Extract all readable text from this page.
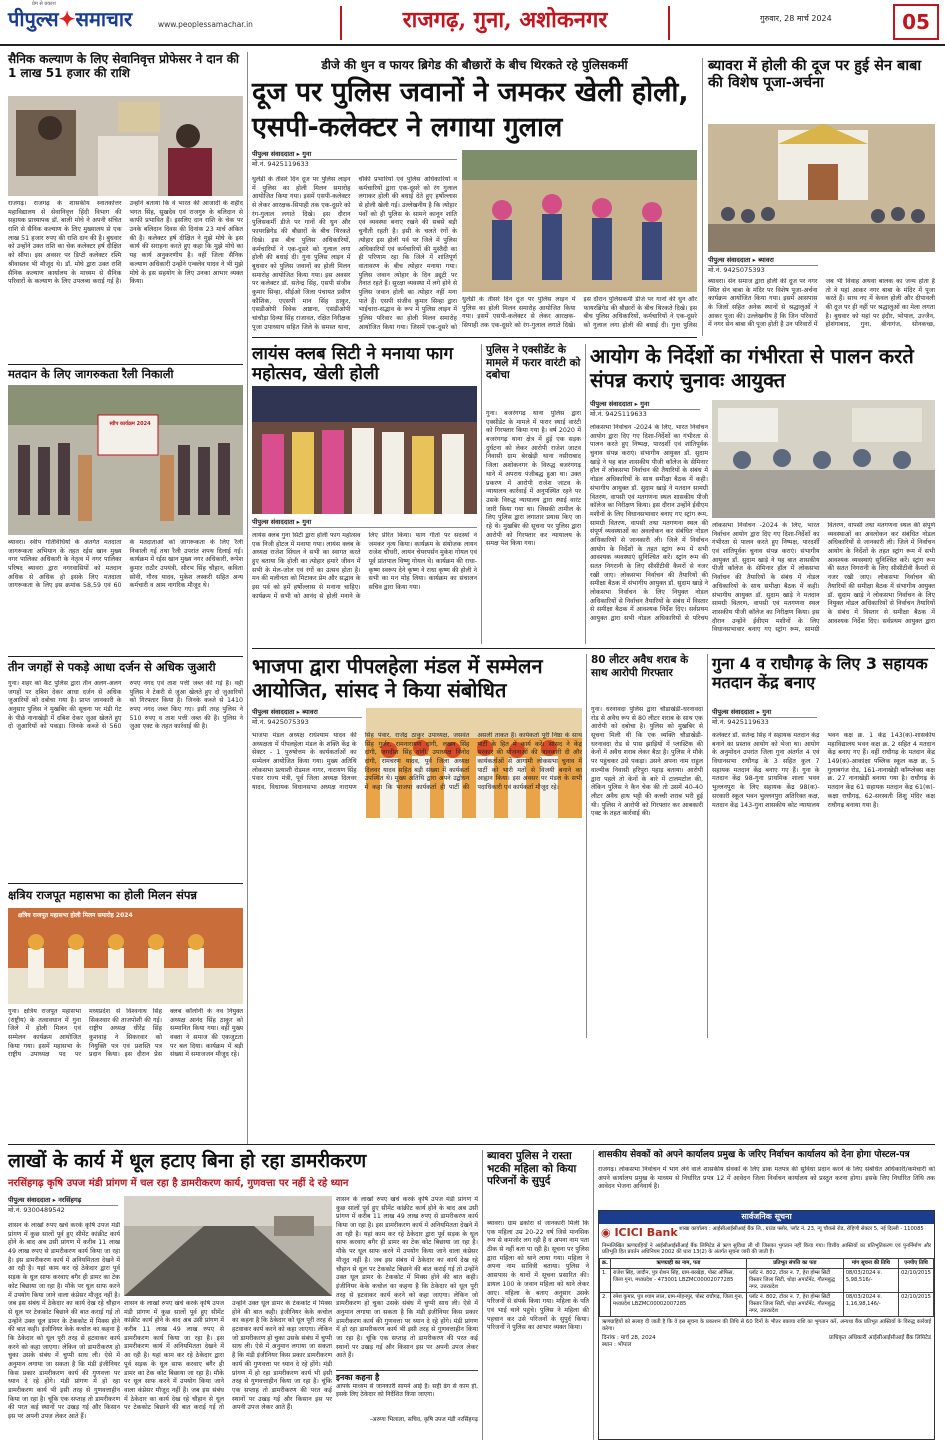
प्रेम से प्रकाश
पीपुल्स✦समाचार	www.peoplessamachar.in	राजगढ़, गुना, अशोकनगर	गुरुवार, 28 मार्च 2024	05
सैनिक कल्याण के लिए सेवानिवृत्त प्रोफेसर ने दान की 1 लाख 51 हजार की राशि
राजगढ़। राजगढ़ के शासकीय स्नातकोत्तर महाविद्यालय से सेवानिवृत्त हिंदी विभाग की सहायक प्राध्यापक डॉ. बाली मोघे ने अपनी संचित राशि से सैनिक कल्याण के लिए मुख्यालय से एक लाख 51 हजार रुपए की राशि दान की है। बुधवार को उन्होंने उक्त राशि का चेक कलेक्टर हर्ष दीक्षित को सौंपा। इस अवसर पर डिप्टी कलेक्टर रश्मि श्रीवास्तव भी मौजूद थे। डॉ. मोघे द्वारा उक्त राशि सैनिक कल्याण कार्यालय के माध्यम से सैनिक परिवारों के कल्याण के लिए उपलब्ध कराई गई है। उन्होंने बताया कि वे भारत की आजादी के शहीद भगत सिंह, सुखदेव एवं राजगुरु के बलिदान से काफी प्रभावित हैं। इसलिए दान राशि के चेक पर उनके बलिदान दिवस की दिनांक 23 मार्च अंकित की है। कलेक्टर हर्ष दीक्षित ने मुझे मोघे के इस कार्य की सराहना करते हुए कहा कि मुझे मोघे का यह कार्य अनुकरणीय है। वहीं जिला सैनिक कल्याण अधिकारी उन्होंने एन्क्लेव यादव ने भी मुझे मोघे के इस सहयोग के लिए उनका आभार व्यक्त किया।
मतदान के लिए जागरुकता रैली निकाली
स्वीप कार्यक्रम 2024
ब्यावरा। स्वीप गतिविधियों के अंतर्गत मतदाता जागरूकता अभियान के तहत रईस खान मुख्य नगर पालिका अधिकारी के नेतृत्व में नगर पालिका परिषद ब्यावरा द्वारा नगरवासियों को मतदान अधिक से अधिक हो इसके लिए मतदाता जागरूकता के लिए इस क्रमांक 58,59 एवं 60 के मतदाताओं को जागरूकता के लिए रैली निकाली गई तथा रैली उपरांत शपथ दिलाई गई। कार्यक्रम में रईस खान मुख्य नगर अधिकारी, रूपेश कुमार राठौर उपयंत्री, सौरभ सिंह चौहान, कविता सोनी, गौरव यादव, मुकेश लस्करी सहित अन्य कर्मचारी व आम नागरिक मौजूद थे।
तीन जगहों से पकड़े आधा दर्जन से अधिक जुआरी
गुना। शहर को कैंट पुलिस द्वारा तीन अलग-अलग जगहों पर दबिश देकर आधा दर्जन से अधिक जुआरियों को दबोचा गया है। प्राप्त जानकारी के अनुसार पुलिस ने मुखबिर की सूचना पर मंडी गेट के पीछे नानाखेड़ी में दबिश देकर जुआ खेलते हुए दो जुआरियों को पकड़ा। जिनके कब्जे से 560 रुपए नगद एवं ताश पत्ती जब्त की गई है। वहीं पुलिस ने टेकरी से जुआ खेलते हुए दो जुआरियों को गिरफ्तार किया है। जिनके कब्जे से 1410 रुपए नगद जब्त किए गए। इसी तरह पुलिस ने 510 रुपए व ताश पत्ती जब्त की है। पुलिस ने जुआ एक्ट के तहत कार्रवाई की है।
क्षत्रिय राजपूत महासभा का होली मिलन संपन्न
क्षत्रिय राजपूत महासभा होली मिलन समारोह 2024
गुना। क्षत्रिय राजपूत महासभा (राष्ट्रीय) के तत्वावधान में गुना जिले में होली मिलन एवं सम्मेलन कार्यक्रम आयोजित किया गया। इसमें महासभा के राष्ट्रीय उपाध्यक्ष पद पर मध्यप्रदेश से विश्वनाथ सिंह सिकरवार की ताजपोशी की गई। राष्ट्रीय अध्यक्ष धीरेंद्र सिंह कुशवाह ने सिकरवार को नियुक्ति पत्र एवं प्रशस्ति पत्र प्रदान किया। इस दौरान प्रेस क्लब कॉलोनी के नव नियुक्त अध्यक्ष आनंद सिंह ठाकुर को सम्मानित किया गया। वहीं मुख्य वक्ता ने समाज की एकजुटता पर बल दिया। कार्यक्रम में बड़ी संख्या में समाजजन मौजूद रहे।
डीजे की धुन व फायर ब्रिगेड की बौछारों के बीच थिरकते रहे पुलिसकर्मी
दूज पर पुलिस जवानों ने जमकर खेली होली, एसपी-कलेक्टर ने लगाया गुलाल
पीपुल्स संवाददाता ▸ गुना
मो.नं. 9425119633
धुलेंडी के तीसरे दिन दूज पर पुलिस लाइन में पुलिस का होली मिलन समारोह आयोजित किया गया। इसमें एसपी-कलेक्टर से लेकर आरक्षक-सिपाही तक एक-दूसरे को रंग-गुलाल लगाते दिखे। इस दौरान पुलिसकर्मी डीजे पर गानों की धुन और फायरब्रिगेड की बौछारों के बीच थिरकते दिखे। इस बीच पुलिस अधिकारियों, कर्मचारियों ने एक-दूसरे को गुलाल लगा होली की बधाई दी। गुना पुलिस लाइन में बुधवार को पुलिस जवानों का होली मिलन समारोह आयोजित किया गया। इस अवसर पर कलेक्टर डॉ. सतेन्द्र सिंह, एसपी संजीव कुमार सिन्हा, सीईओ जिला पंचायत प्रवीण कौशिक, एएसपी मान सिंह ठाकुर, एसडीओपी विवेक अष्ठाना, एसडीओपी चांचौड़ा दिव्या सिंह राजावत, रक्षित निरीक्षक पूजा उपाध्याय सहित जिले के समस्त थाना, चौकी प्रभारियों एवं पुलिस अधिकारियों व कर्मचारियों द्वारा एक-दूसरे को रंग गुलाल लगाकर होली की बधाई देते हुए हर्षोल्लास से होली खेली गई। उल्लेखनीय है कि त्योहार पर्वों को ही पुलिस के सामने कानून शांति एवं व्यवस्था बनाए रखने की सबसे बड़ी चुनौती रहती है। इसी के चलते रंगों के त्योहार इस होली पर्व पर जिले में पुलिस अधिकारियों एवं कर्मचारियों की मुस्तैदी का ही परिणाम रहा कि जिले में शांतिपूर्ण वातावरण के बीच त्योहार मनाया गया। पुलिस जवान त्योहार के दिन ड्यूटी पर तैनात रहते हैं। सुरक्षा व्यवस्था में लगे होने से पुलिस जवान होली का त्योहार नहीं मना पाते हैं। एसपी संजीव कुमार सिन्हा द्वारा भाईचारा-सद्भाव के रूप में पुलिस लाइन में पुलिस परिवार का होली मिलन समारोह आयोजित किया गया। जिसमें एक-दूसरे को
धुलेंडी के तीसरे दिन दूज पर पुलिस लाइन में पुलिस का होली मिलन समारोह आयोजित किया गया। इसमें एसपी-कलेक्टर से लेकर आरक्षक-सिपाही तक एक-दूसरे को रंग-गुलाल लगाते दिखे। इस दौरान पुलिसकर्मी डीजे पर गानों की धुन और फायरब्रिगेड की बौछारों के बीच थिरकते दिखे। इस बीच पुलिस अधिकारियों, कर्मचारियों ने एक-दूसरे को गुलाल लगा होली की बधाई दी। गुना पुलिस
लायंस क्लब सिटी ने मनाया फाग महोत्सव, खेली होली
पीपुल्स संवाददाता ▸ गुना
लायंस क्लब गुना सिटी द्वारा होली फाग महोत्सव एक निजी होटल में मनाया गया। लायंस क्लब के अध्यक्ष राजेश सिंघल ने सभी का स्वागत करते हुए बताया कि होली का त्योहार हमारे जीवन में सभी के मेल-जोल एवं रंगों का उत्सव होता है। मन की मलीनता को मिटाकर प्रेम और सद्भाव के इस पर्व को हमें हर्षोल्लास से मनाना चाहिए। कार्यक्रम में सभी को आनंद से होली मनाने के लिए प्रेरित किया। फाग गीतों पर सदस्यों ने जमकर नृत्य किया। कार्यक्रम के संयोजक लायन राजेश चौधरी, लायन चेयरपर्सन मुकेश गोयल एवं पूर्व प्रांतपाल विष्णु गोयल थे। कार्यक्रम की राधा-कृष्ण स्वरूप देने कृष्ण ने राधा कृष्ण की होली ने सभी का मन मोह लिया। कार्यक्रम का संचालन सचिव द्वारा किया गया।
पुलिस ने एक्सीडेंट के मामले में फरार वारंटी को दबोचा
गुना। बजरंगगढ़ थाना पुलिस द्वारा एक्सीडेंट के मामले में फरार स्थाई वारंटी को गिरफ्तार किया गया है। वर्ष 2020 में बजरंगगढ़ थाना क्षेत्र में हुई एक सड़क दुर्घटना को लेकर आरोपी राजेश जाटव निवासी ग्राम बेरखेड़ी थाना नसीराबाद जिला अशोकनगर के विरुद्ध बजरंगगढ़ थाने में अपराध पंजीबद्ध हुआ था। उक्त प्रकरण में आरोपी राजेश जाटव के न्यायालय कार्रवाई में अनुपस्थित रहने पर उसके विरुद्ध न्यायालय द्वारा स्थाई वारंट जारी किया गया था। जिसकी तामील के लिए पुलिस द्वारा लगातार प्रयास किए जा रहे थे। मुखबिर की सूचना पर पुलिस द्वारा आरोपी को गिरफ्तार कर न्यायालय के समक्ष पेश किया गया।
आयोग के निर्देशों का गंभीरता से पालन करते संपन्न कराएं चुनावः आयुक्त
पीपुल्स संवाददाता ▸ गुना
मो.नं. 9425119633
लोकसभा निर्वाचन -2024 के लिए, भारत निर्वाचन आयोग द्वारा दिए गए दिशा-निर्देशों का गंभीरता से पालन करते हुए निष्पक्ष, पारदर्शी एवं शांतिपूर्वक चुनाव संपन्न कराएं। संभागीय आयुक्त डॉ. सुदाम खाड़े ने यह बात शासकीय पीजी कॉलेज के सेमिनार हॉल में लोकसभा निर्वाचन की तैयारियों के संबंध में नोडल अधिकारियों के साथ समीक्षा बैठक में कही। संभागीय आयुक्त डॉ. सुदाम खाड़े ने मतदान सामग्री वितरण, वापसी एवं मतगणना स्थल शासकीय पीजी कॉलेज का निरीक्षण किया। इस दौरान उन्होंने ईवीएम मशीनों के लिए विधानसभावार बनाए गए स्ट्रांग रूम, सामग्री वितरण, वापसी तथा मतगणना स्थल की संपूर्ण व्यवस्थाओं का अवलोकन कर संबंधित नोडल अधिकारियों से जानकारी ली। जिले में निर्वाचन आयोग के निर्देशों के तहत स्ट्रांग रूम में सभी आवश्यक व्यवस्थाएं सुनिश्चित करें। स्ट्रांग रूम की सतत निगरानी के लिए सीसीटीवी कैमरों से नजर रखी जाए। लोकसभा निर्वाचन की तैयारियों की समीक्षा बैठक में संभागीय आयुक्त डॉ. सुदाम खाड़े ने लोकसभा निर्वाचन के लिए नियुक्त नोडल अधिकारियों से निर्वाचन तैयारियों के संबंध में विस्तार से समीक्षा बैठक में आवश्यक निर्देश दिए। सर्वप्रथम आयुक्त द्वारा सभी नोडल अधिकारियों से परिचय
लोकसभा निर्वाचन -2024 के लिए, भारत निर्वाचन आयोग द्वारा दिए गए दिशा-निर्देशों का गंभीरता से पालन करते हुए निष्पक्ष, पारदर्शी एवं शांतिपूर्वक चुनाव संपन्न कराएं। संभागीय आयुक्त डॉ. सुदाम खाड़े ने यह बात शासकीय पीजी कॉलेज के सेमिनार हॉल में लोकसभा निर्वाचन की तैयारियों के संबंध में नोडल अधिकारियों के साथ समीक्षा बैठक में कही। संभागीय आयुक्त डॉ. सुदाम खाड़े ने मतदान सामग्री वितरण, वापसी एवं मतगणना स्थल शासकीय पीजी कॉलेज का निरीक्षण किया। इस दौरान उन्होंने ईवीएम मशीनों के लिए विधानसभावार बनाए गए स्ट्रांग रूम, सामग्री वितरण, वापसी तथा मतगणना स्थल की संपूर्ण व्यवस्थाओं का अवलोकन कर संबंधित नोडल अधिकारियों से जानकारी ली। जिले में निर्वाचन आयोग के निर्देशों के तहत स्ट्रांग रूम में सभी आवश्यक व्यवस्थाएं सुनिश्चित करें। स्ट्रांग रूम की सतत निगरानी के लिए सीसीटीवी कैमरों से नजर रखी जाए। लोकसभा निर्वाचन की तैयारियों की समीक्षा बैठक में संभागीय आयुक्त डॉ. सुदाम खाड़े ने लोकसभा निर्वाचन के लिए नियुक्त नोडल अधिकारियों से निर्वाचन तैयारियों के संबंध में विस्तार से समीक्षा बैठक में आवश्यक निर्देश दिए। सर्वप्रथम आयुक्त द्वारा
भाजपा द्वारा पीपलहेला मंडल में सम्मेलन आयोजित, सांसद ने किया संबोधित
पीपुल्स संवाददाता ▸ ब्यावरा
मो.नं. 9425075393
भाजपा मंडल अध्यक्ष राधेश्याम यादव की अध्यक्षता में पीपलहेला मंडल के शक्ति केंद्र के सेक्टर - 1 पुरुषोत्तम के कार्यकर्ताओं का सम्मेलन आयोजित किया गया। मुख्य अतिथि लोकसभा प्रत्याशी रोडमल नागर, नारायण सिंह पंवार राज्य मंत्री, पूर्व जिला अध्यक्ष दिलवर यादव, विधायक विधानसभा अध्यक्ष नारायण सिंह पंवार, राजेंद्र ठाकुर उपाध्यक्ष, जसवंत सिंह गुर्जर, रामनारायण दांगी, लखन सिंह दांगी, जगदीश सिंह दांगी, उपाध्यक्ष विनोद दांगी, रामचरण यादव, पूर्व जिला अध्यक्ष दिलवर यादव सहित बड़ी संख्या में कार्यकर्ता उपस्थित थे। मुख्य अतिथि द्वारा अपने उद्बोधन में कहा कि भाजपा कार्यकर्ता ही पार्टी की असली ताकत हैं। कार्यकर्ता पूरी निष्ठा के साथ पार्टी के हित में कार्य करें। सांसद ने केंद्र सरकार की योजनाओं की जानकारी दी और कार्यकर्ताओं से आगामी लोकसभा चुनाव में पार्टी को भारी मतों से विजयी बनाने का आह्वान किया। इस अवसर पर मंडल के सभी पदाधिकारी एवं कार्यकर्ता मौजूद रहे।
80 लीटर अवैध शराब के साथ आरोपी गिरफ्तार
गुना। धरनावदा पुलिस द्वारा चौडाखेडी-धरनावदा रोड से अवैध रूप से 80 लीटर शराब के साथ एक आरोपी को दबोचा है। पुलिस को मुखबिर से सूचना मिली थी कि एक व्यक्ति चौडाखेडी-धरनावदा रोड से पास झाड़ियों में प्लास्टिक की केनों में अवैध शराब लेकर बैठा है। पुलिस ने मौके पर पहुंचकर उसे पकड़ा। उसने अपना नाम राहुल वाल्मीक निवासी हरिपुरा पहाड़ बताया। आरोपी द्वारा पहले तो केनों के बारे में टालमटोल की, लेकिन पुलिस ने कैन चेक की तो उसमें 40-40 लीटर अवैध हाथ भट्टी की कच्ची शराब भरी हुई थी। पुलिस ने आरोपी को गिरफ्तार कर आबकारी एक्ट के तहत कार्रवाई की।
गुना 4 व राघौगढ़ के लिए 3 सहायक मतदान केंद्र बनाए
पीपुल्स संवाददाता ▸ गुना
मो.नं. 9425119633
कलेक्टर डॉ. सतेन्द्र सिंह ने सहायक मतदान केंद्र बनाने का प्रस्ताव आयोग को भेजा था। आयोग के अनुमोदन उपरांत जिला गुना अंतर्गत 4 एवं विधानसभा राघौगढ़ के 3 सहित कुल 7 सहायक मतदान केंद्र बनाए गए हैं। गुना के मतदान केंद्र 98-गुना प्राथमिक शाला भवन भुल्लनपुरा के लिए सहायक केंद्र 98(क)-सरकारी स्कूल भवन भुल्लनपुरा अतिरिक्त कक्ष, मतदान केंद्र 143-गुना शासकीय कोट न्यायालय भवन कक्ष क्र. 1 केंद्र 143(क)-शासकीय महाविद्यालय भवन कक्ष क्र. 2 सहित 4 मतदान केंद्र बनाए गए हैं। वहीं राघौगढ़ के मतदान केंद्र 149(क)-आकांक्षा पब्लिक स्कूल कक्ष क्र. 5 गुलाबगंज रोड, 161-नानाखेड़ी कॉम्प्लेक्स कक्ष क्र. 27 नानाखेड़ी बनाया गया है। राघौगढ़ के मतदान केंद्र 61 सहायक मतदान केंद्र 61(क)-कक्षा राघौगढ़, 62-सरस्वती शिशु मंदिर कक्ष राघौगढ़ बनाया गया है।
ब्यावरा में होली की दूज पर हुई सेन बाबा की विशेष पूजा-अर्चना
पीपुल्स संवाददाता ▸ ब्यावरा
मो.नं. 9425075393
ब्यावरा। सेन समाज द्वारा होली की दूज पर नगर स्थित सेन बाबा के मंदिर पर विशेष पूजा-अर्चना कार्यक्रम आयोजित किया गया। इसमें आसपास के जिलों सहित अनेक स्थानों से श्रद्धालुओं ने आकर पूजा की। उल्लेखनीय है कि जिन परिवारों में नगर सेन बाबा की पूजा होती है उन परिवारों में जब भी विवाह अथवा बालक का जन्म होता है तो वे यहां आकर नगर बाबा के मंदिर में पूजा करते हैं। साथ नए में केवल होली और दीपावली की दूज पर ही नहीं पर श्रद्धालुओं का मेला लगता है। बुधवार को यहां पर इंदौर, भोपाल, उज्जैन, होशंगाबाद, गुना, बीनागंज, सोनकच्छ,
लाखों के कार्य में धूल हटाए बिना हो रहा डामरीकरण
नरसिंहगढ़ कृषि उपज मंडी प्रांगण में चल रहा है डामरीकरण कार्य, गुणवत्ता पर नहीं दे रहे ध्यान
पीपुल्स संवाददाता ▸ नरसिंहगढ़
मो.नं. 9300489542
शासन के लाखों रुपए खर्च करके कृषि उपज मंडी प्रांगण में कुछ सालों पूर्व हुए सीमेंट कांक्रीट कार्य होने के बाद अब उसी प्रांगण में करीब 11 लाख 49 लाख रुपए से डामरीकरण कार्य किया जा रहा है। इस डामरीकरण कार्य में अनियमितता देखने में आ रही है। यहां काम कर रहे ठेकेदार द्वारा पूर्व सड़क के धूल साफ करवाए बगैर ही डामर का टेक कोट बिछाया जा रहा है। मौके पर धूल साफ करने में उपयोग किया जाने वाला कंप्रेसर मौजूद नहीं है। जब इस संबंध में ठेकेदार का कार्य देख रहे चौहान से धूल पर टेककोट बिछाने की बात कराई गई तो उन्होंने उक्त धूल डामर के टेककोट में मिक्स होने की बात कही। इंजीनियर केके कचोल का कहना है कि ठेकेदार को धूल पूरी तरह से हटवाकर कार्य करने को कहा जाएगा। लेकिन जो डामरीकरण हो चुका उसके संबंध में चुप्पी साध ली। ऐसे में अनुमान लगाया जा सकता है कि मंडी इंजीनियर किस प्रकार डामरीकरण कार्य की गुणवत्ता पर ध्यान दे रहे होंगे। मंडी प्रांगण में हो रहा डामरीकरण कार्य भी इसी तरह से गुणवत्ताहीन किया जा रहा है। चूंकि एक सप्ताह तो डामरीकरण की परत कई स्थानों पर उखड़ गई और किसान इस पर अपनी उपज लेकर आते हैं।
शासन के लाखों रुपए खर्च करके कृषि उपज मंडी प्रांगण में कुछ सालों पूर्व हुए सीमेंट कांक्रीट कार्य होने के बाद अब उसी प्रांगण में करीब 11 लाख 49 लाख रुपए से डामरीकरण कार्य किया जा रहा है। इस डामरीकरण कार्य में अनियमितता देखने में आ रही है। यहां काम कर रहे ठेकेदार द्वारा पूर्व सड़क के धूल साफ करवाए बगैर ही डामर का टेक कोट बिछाया जा रहा है। मौके पर धूल साफ करने में उपयोग किया जाने वाला कंप्रेसर मौजूद नहीं है। जब इस संबंध में ठेकेदार का कार्य देख रहे चौहान से धूल पर टेककोट बिछाने की बात कराई गई तो उन्होंने उक्त धूल डामर के टेककोट में मिक्स होने की बात कही। इंजीनियर केके कचोल का कहना है कि ठेकेदार को धूल पूरी तरह से हटवाकर कार्य करने को कहा जाएगा। लेकिन जो डामरीकरण हो चुका उसके संबंध में चुप्पी साध ली। ऐसे में अनुमान लगाया जा सकता है कि मंडी इंजीनियर किस प्रकार डामरीकरण कार्य की गुणवत्ता पर ध्यान दे रहे होंगे। मंडी प्रांगण में हो रहा डामरीकरण कार्य भी इसी तरह से गुणवत्ताहीन किया जा रहा है। चूंकि एक सप्ताह तो डामरीकरण की परत कई स्थानों पर उखड़ गई और किसान इस पर अपनी उपज लेकर आते हैं।
शासन के लाखों रुपए खर्च करके कृषि उपज मंडी प्रांगण में कुछ सालों पूर्व हुए सीमेंट कांक्रीट कार्य होने के बाद अब उसी प्रांगण में करीब 11 लाख 49 लाख रुपए से डामरीकरण कार्य किया जा रहा है। इस डामरीकरण कार्य में अनियमितता देखने में आ रही है। यहां काम कर रहे ठेकेदार द्वारा पूर्व सड़क के धूल साफ करवाए बगैर ही डामर का टेक कोट बिछाया जा रहा है। मौके पर धूल साफ करने में उपयोग किया जाने वाला कंप्रेसर मौजूद नहीं है। जब इस संबंध में ठेकेदार का कार्य देख रहे चौहान से धूल पर टेककोट बिछाने की बात कराई गई तो उन्होंने उक्त धूल डामर के टेककोट में मिक्स होने की बात कही। इंजीनियर केके कचोल का कहना है कि ठेकेदार को धूल पूरी तरह से हटवाकर कार्य करने को कहा जाएगा। लेकिन जो डामरीकरण हो चुका उसके संबंध में चुप्पी साध ली। ऐसे में अनुमान लगाया जा सकता है कि मंडी इंजीनियर किस प्रकार डामरीकरण कार्य की गुणवत्ता पर ध्यान दे रहे होंगे। मंडी प्रांगण में हो रहा डामरीकरण कार्य भी इसी तरह से गुणवत्ताहीन किया जा रहा है। चूंकि एक सप्ताह तो डामरीकरण की परत कई स्थानों पर उखड़ गई और किसान इस पर अपनी उपज लेकर आते हैं।
इनका कहना है
आपके माध्यम से जानकारी सामने आई है। सही ढंग से काम हो, इसके लिए ठेकेदार को निर्देशित किया जाएगा।
-अरुणा भिलाला, सचिव, कृषि उपज मंडी नरसिंहगढ़
ब्यावरा पुलिस ने रास्ता भटकी महिला को किया परिजनों के सुपुर्द
ब्यावरा। ग्राम ढकोरा से जानकारी मिली कि एक महिला उम्र 20-22 वर्ष जिसे मानसिक रूप से कमजोर लग रही है व अपना नाम पता ठीक से नहीं बता पा रही है। सूचना पर पुलिस द्वारा महिला को थाने लाया गया। महिला ने अपना नाम सावित्री बताया। पुलिस ने आसपास के थानों में सूचना प्रसारित की। डायल 100 के जवान महिला को थाने लेकर आए। महिला के बताए अनुसार उसके परिजनों से संपर्क किया गया। महिला के पति एवं भाई थाने पहुंचे। पुलिस ने महिला की पहचान कर उसे परिजनों के सुपुर्द किया। परिजनों ने पुलिस का आभार व्यक्त किया।
शासकीय सेवकों को अपने कार्यालय प्रमुख के जरिए निर्वाचन कार्यालय को देना होगा पोस्टल-पत्र
राजगढ़। लोकसभा निर्वाचन में भाग लेने वाले शासकीय सेवकों के लिए डाक मतपत्र की सुविधा प्रदान करने के लिए संबंधित अधिकारी/कर्मचारी को अपने कार्यालय प्रमुख के माध्यम से निर्धारित प्रपत्र 12 में आवेदन जिला निर्वाचन कार्यालय को प्रस्तुत करना होगा। इसके लिए निर्धारित तिथि तक आवेदन भेजना अनिवार्य है।
सार्वजनिक सूचना
◉ ICICI Bank शाखा कार्यालय : आईसीआईसीआई बैंक लि., ग्राउंड फ्लोर, प्लॉट नं. 23, न्यू चौकसे रोड, रोहिणी सेक्टर 5, नई दिल्ली - 110085
निम्नलिखित ऋणग्राहियों ने आईसीआईसीआई बैंक लिमिटेड से ऋण सुविधा ली थी जिसका भुगतान नहीं किया गया। वित्तीय आस्तियों का प्रतिभूतिकरण एवं पुनर्निर्माण और प्रतिभूति हित प्रवर्तन अधिनियम 2002 की धारा 13(2) के अंतर्गत सूचना जारी की जाती है।
क्र.	ऋणग्राही का नाम, पता	प्रतिभूत संपत्ति का पता	मांग सूचना की तिथि	एनपीए तिथि
1.	राजेश सिंह, जादौन, पुत्र रोशन सिंह, ग्राम-बरखेड़ा, पोस्ट ऑफिस, जिला गुना, मध्यप्रदेश - 473001 LBZMC00002077285	प्लॉट नं. 802, टॉवर न. 7, हेरा होम्स सिटी विस्तार जिला सिटी, थोड़ा अपार्टमेंट, गौतमबुद्ध नगर, उत्तरप्रदेश	08/03/2024 रु. 5,98,516/-	02/10/2015
2.	रमेश कुमार, पुत्र श्याम लाल, ग्राम-मोहनपुर, पोस्ट राघौगढ़, जिला गुना, मध्यप्रदेश LBZMC00002007285	प्लॉट नं. 802, टॉवर न. 7, हेरा होम्स सिटी विस्तार जिला सिटी, थोड़ा अपार्टमेंट, गौतमबुद्ध नगर, उत्तरप्रदेश	08/03/2024 रु. 1,16,98,146/-	02/10/2015
ऋणग्राहियों को सलाह दी जाती है कि वे इस सूचना के प्रकाशन की तिथि से 60 दिनों के भीतर बकाया राशि का भुगतान करें, अन्यथा बैंक प्रतिभूत आस्तियों के विरुद्ध कार्रवाई करेगा।
दिनांक : मार्च 28, 2024
स्थान : भोपाल
प्राधिकृत अधिकारी आईसीआईसीआई बैंक लिमिटेड
